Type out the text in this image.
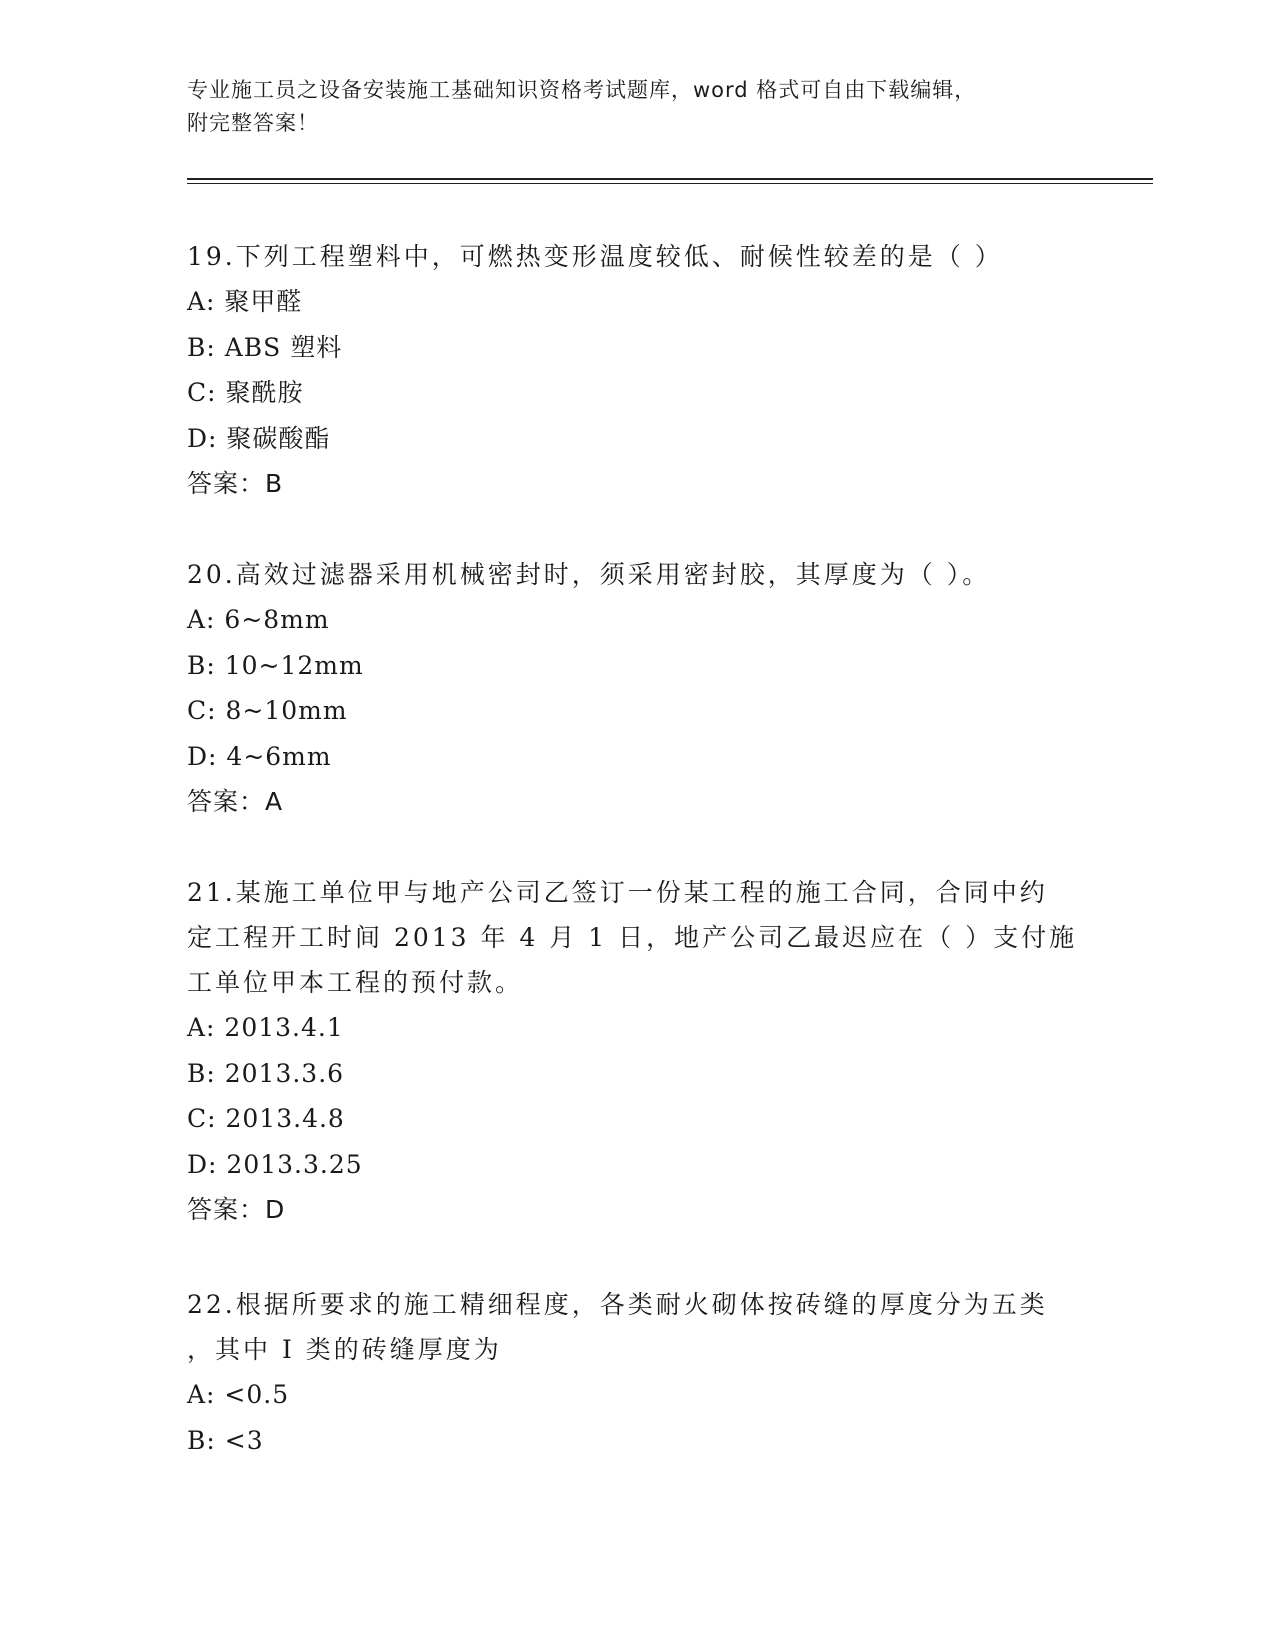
专业施工员之设备安装施工基础知识资格考试题库，word 格式可自由下载编辑，
附完整答案！

19.下列工程塑料中，可燃热变形温度较低、耐候性较差的是（ ）

A: 聚甲醛

B: ABS 塑料

C: 聚酰胺

D: 聚碳酸酯

答案：B

20.高效过滤器采用机械密封时，须采用密封胶，其厚度为（ ）。

A: 6~8mm

B: 10~12mm

C: 8~10mm

D: 4~6mm

答案：A

21.某施工单位甲与地产公司乙签订一份某工程的施工合同，合同中约

定工程开工时间 2013 年 4 月 1 日，地产公司乙最迟应在（ ）支付施

工单位甲本工程的预付款。

A: 2013.4.1

B: 2013.3.6

C: 2013.4.8

D: 2013.3.25

答案：D

22.根据所要求的施工精细程度，各类耐火砌体按砖缝的厚度分为五类

，其中 I 类的砖缝厚度为

A: <0.5

B: <3
